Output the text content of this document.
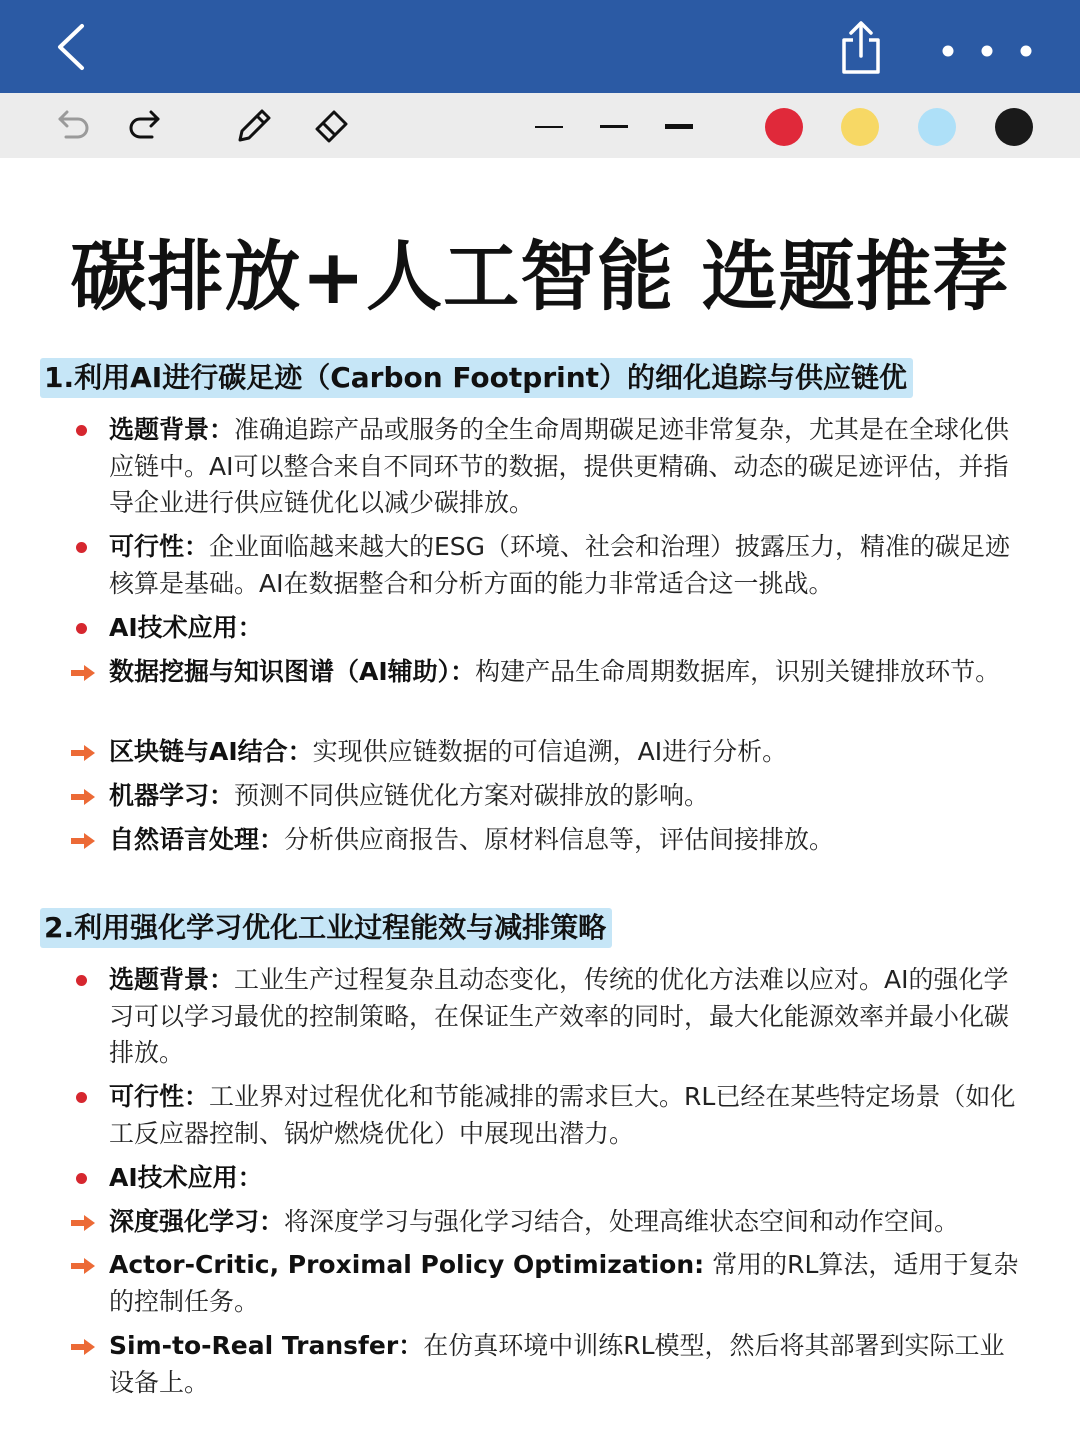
碳排放+人工智能 选题推荐
1.利用AI进行碳足迹（Carbon Footprint）的细化追踪与供应链优
选题背景：准确追踪产品或服务的全生命周期碳足迹非常复杂，尤其是在全球化供应链中。AI可以整合来自不同环节的数据，提供更精确、动态的碳足迹评估，并指导企业进行供应链优化以减少碳排放。
可行性：企业面临越来越大的ESG（环境、社会和治理）披露压力，精准的碳足迹核算是基础。AI在数据整合和分析方面的能力非常适合这一挑战。
AI技术应用：
数据挖掘与知识图谱（AI辅助）：构建产品生命周期数据库，识别关键排放环节。
区块链与AI结合：实现供应链数据的可信追溯，AI进行分析。
机器学习：预测不同供应链优化方案对碳排放的影响。
自然语言处理：分析供应商报告、原材料信息等，评估间接排放。
2.利用强化学习优化工业过程能效与减排策略
选题背景：工业生产过程复杂且动态变化，传统的优化方法难以应对。AI的强化学习可以学习最优的控制策略，在保证生产效率的同时，最大化能源效率并最小化碳排放。
可行性：工业界对过程优化和节能减排的需求巨大。RL已经在某些特定场景（如化工反应器控制、锅炉燃烧优化）中展现出潜力。
AI技术应用：
深度强化学习：将深度学习与强化学习结合，处理高维状态空间和动作空间。
Actor-Critic, Proximal Policy Optimization: 常用的RL算法，适用于复杂的控制任务。
Sim-to-Real Transfer：在仿真环境中训练RL模型，然后将其部署到实际工业设备上。
